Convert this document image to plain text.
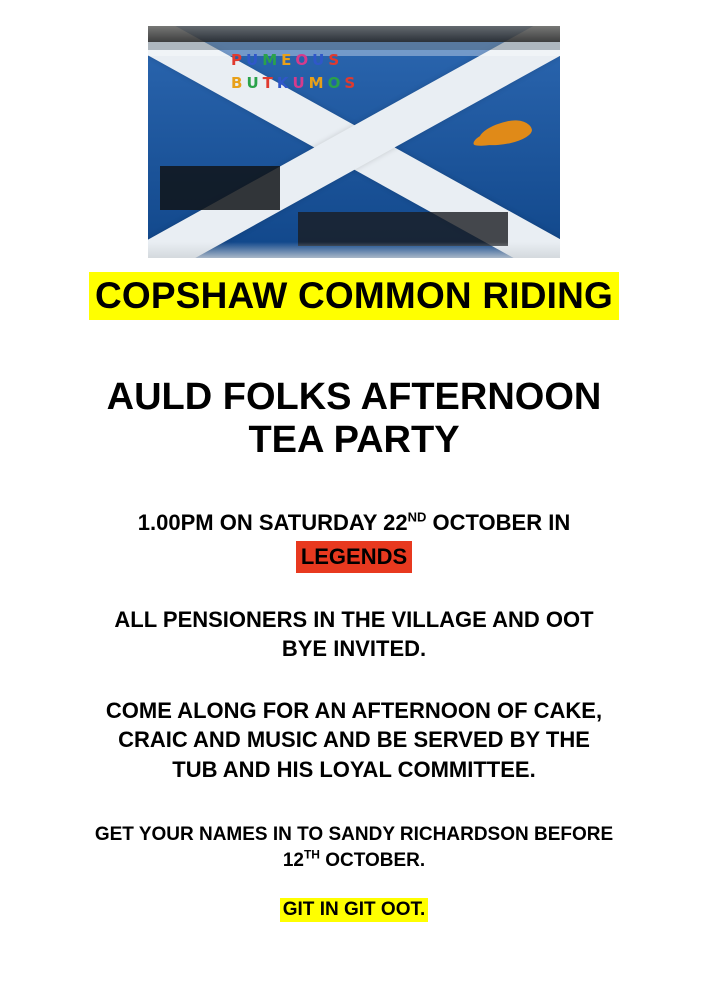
P U M E O U S
B U T K U M O S
COPSHAW COMMON RIDING
AULD FOLKS AFTERNOON
TEA PARTY
1.00PM ON SATURDAY 22ND OCTOBER IN
LEGENDS
ALL PENSIONERS IN THE VILLAGE AND OOT
BYE INVITED.
COME ALONG FOR AN AFTERNOON OF CAKE,
CRAIC AND MUSIC AND BE SERVED BY THE
TUB AND HIS LOYAL COMMITTEE.
GET YOUR NAMES IN TO SANDY RICHARDSON BEFORE
12TH OCTOBER.
GIT IN GIT OOT.
